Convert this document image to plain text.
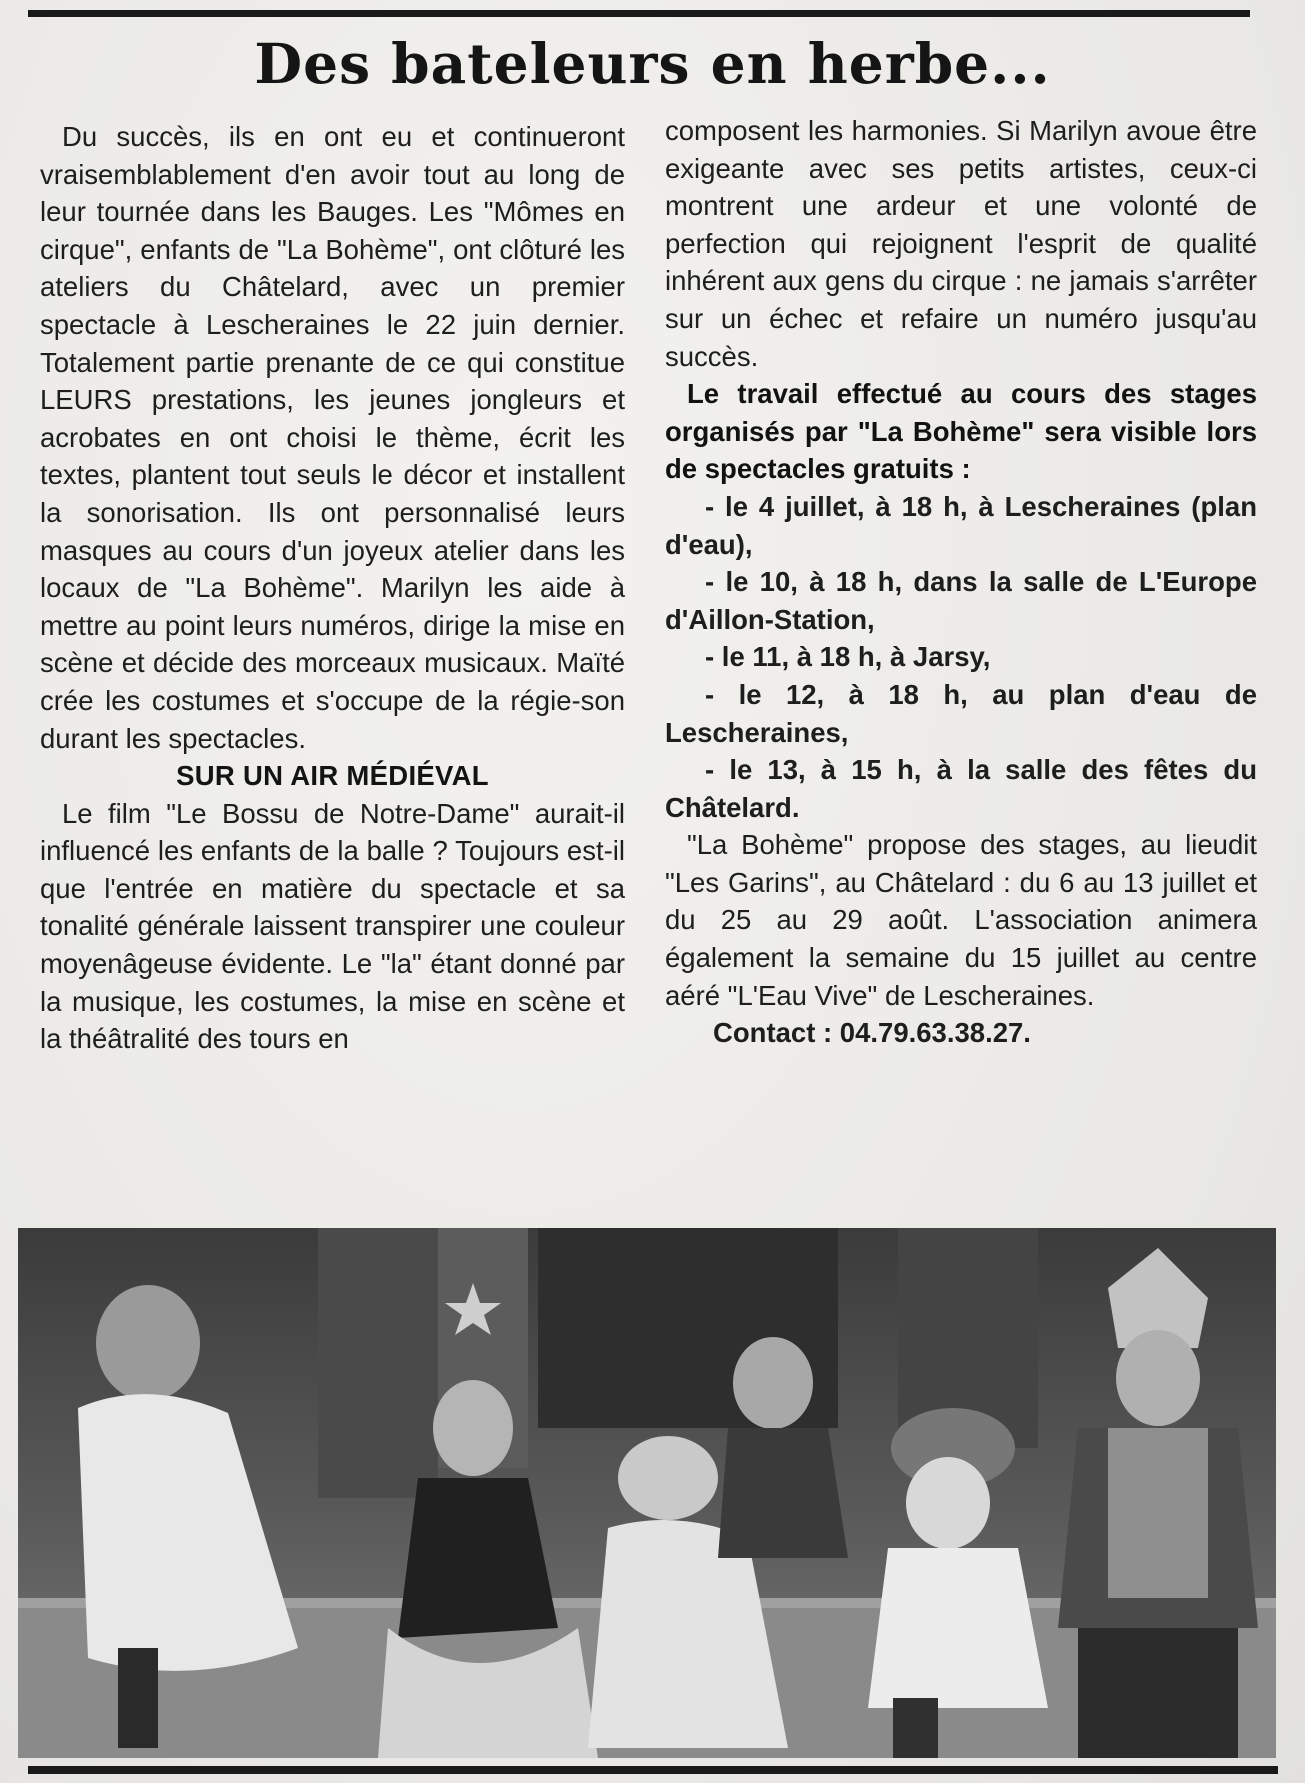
Des bateleurs en herbe...

Du succès, ils en ont eu et continueront vraisemblablement d'en avoir tout au long de leur tournée dans les Bauges. Les "Mômes en cirque", enfants de "La Bohème", ont clôturé les ateliers du Châtelard, avec un premier spectacle à Lescheraines le 22 juin dernier. Totalement partie prenante de ce qui constitue LEURS prestations, les jeunes jongleurs et acrobates en ont choisi le thème, écrit les textes, plantent tout seuls le décor et installent la sonorisation. Ils ont personnalisé leurs masques au cours d'un joyeux atelier dans les locaux de "La Bohème". Marilyn les aide à mettre au point leurs numéros, dirige la mise en scène et décide des morceaux musicaux. Maïté crée les costumes et s'occupe de la régie-son durant les spectacles.

SUR UN AIR MÉDIÉVAL

Le film "Le Bossu de Notre-Dame" aurait-il influencé les enfants de la balle ? Toujours est-il que l'entrée en matière du spectacle et sa tonalité générale laissent transpirer une couleur moyenâgeuse évidente. Le "la" étant donné par la musique, les costumes, la mise en scène et la théâtralité des tours en

composent les harmonies. Si Marilyn avoue être exigeante avec ses petits artistes, ceux-ci montrent une ardeur et une volonté de perfection qui rejoignent l'esprit de qualité inhérent aux gens du cirque : ne jamais s'arrêter sur un échec et refaire un numéro jusqu'au succès.

Le travail effectué au cours des stages organisés par "La Bohème" sera visible lors de spectacles gratuits :

- le 4 juillet, à 18 h, à Lescheraines (plan d'eau),

- le 10, à 18 h, dans la salle de L'Europe d'Aillon-Station,

- le 11, à 18 h, à Jarsy,

- le 12, à 18 h, au plan d'eau de Lescheraines,

- le 13, à 15 h, à la salle des fêtes du Châtelard.

"La Bohème" propose des stages, au lieudit "Les Garins", au Châtelard : du 6 au 13 juillet et du 25 au 29 août. L'association animera également la semaine du 15 juillet au centre aéré "L'Eau Vive" de Lescheraines.

Contact : 04.79.63.38.27.
